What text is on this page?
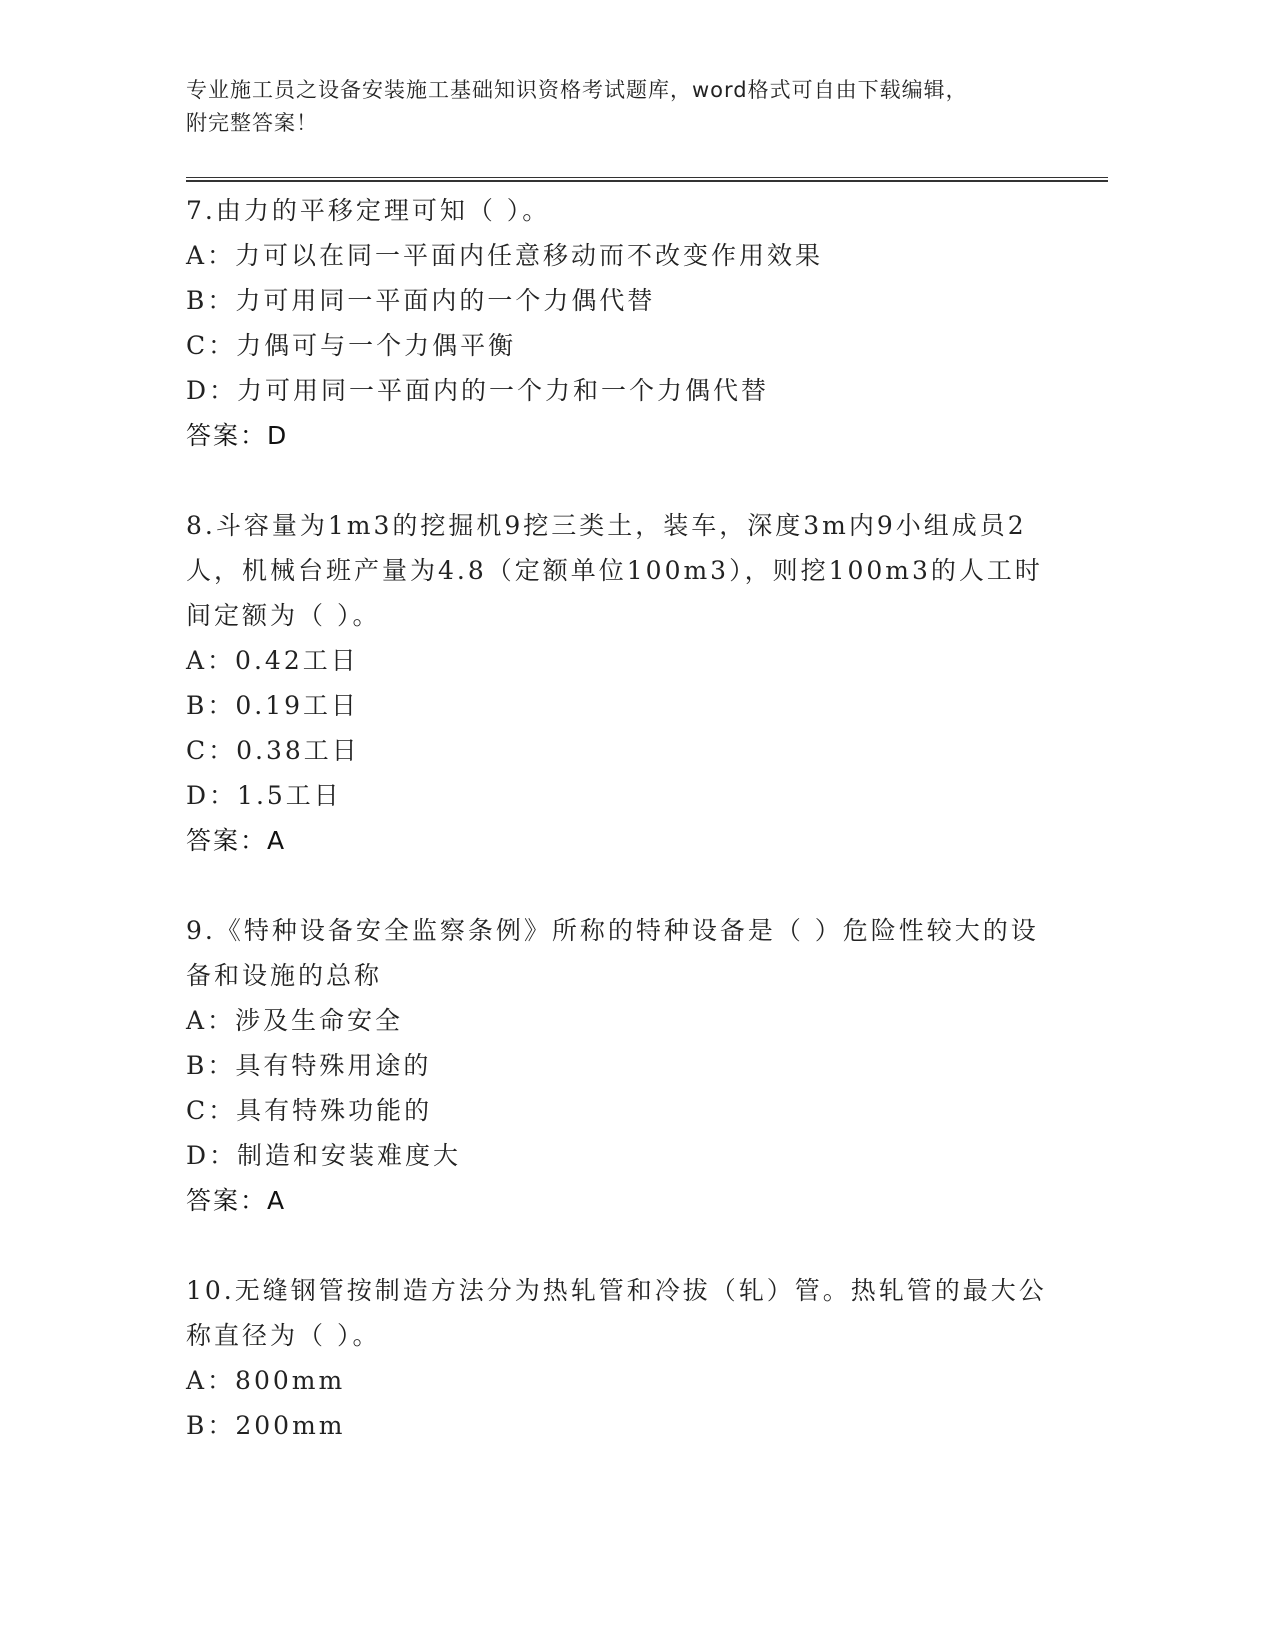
专业施工员之设备安装施工基础知识资格考试题库，word格式可自由下载编辑，
附完整答案！
7.由力的平移定理可知（ ）。
A：力可以在同一平面内任意移动而不改变作用效果
B：力可用同一平面内的一个力偶代替
C：力偶可与一个力偶平衡
D：力可用同一平面内的一个力和一个力偶代替
答案：D
8.斗容量为1m3的挖掘机9挖三类土，装车，深度3m内9小组成员2人，机械台班产量为4.8（定额单位100m3），则挖100m3的人工时间定额为（ ）。
A：0.42工日
B：0.19工日
C：0.38工日
D：1.5工日
答案：A
9.《特种设备安全监察条例》所称的特种设备是（ ）危险性较大的设备和设施的总称
A：涉及生命安全
B：具有特殊用途的
C：具有特殊功能的
D：制造和安装难度大
答案：A
10.无缝钢管按制造方法分为热轧管和冷拔（轧）管。热轧管的最大公称直径为（ ）。
A：800mm
B：200mm
